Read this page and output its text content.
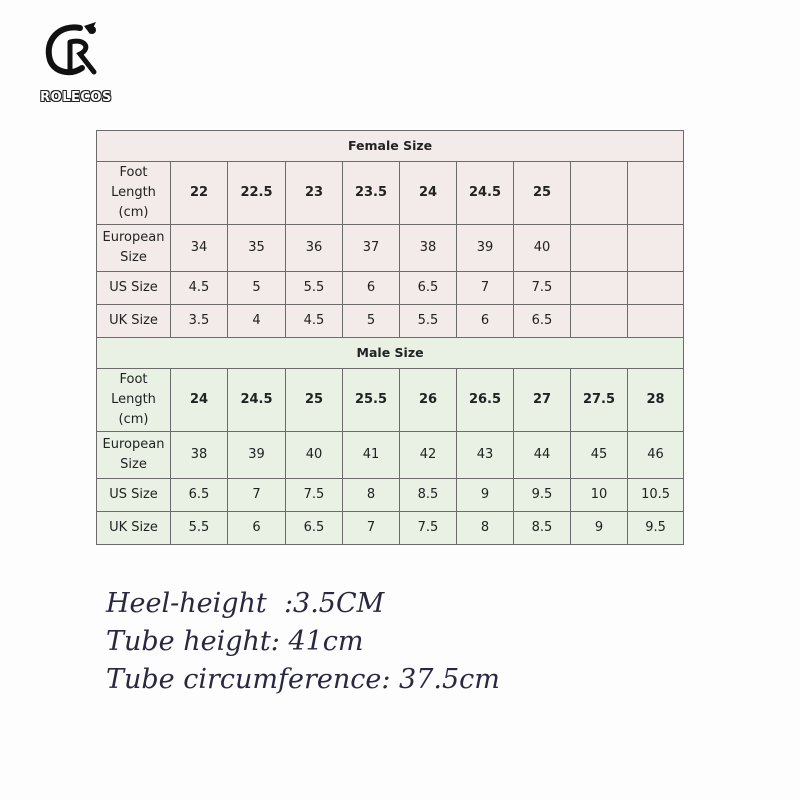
ROLECOS
Female Size									
Foot Length (cm)	22	22.5	23	23.5	24	24.5	25		
European Size	34	35	36	37	38	39	40		
US Size	4.5	5	5.5	6	6.5	7	7.5		
UK Size	3.5	4	4.5	5	5.5	6	6.5		
Male Size									
Foot Length (cm)	24	24.5	25	25.5	26	26.5	27	27.5	28
European Size	38	39	40	41	42	43	44	45	46
US Size	6.5	7	7.5	8	8.5	9	9.5	10	10.5
UK Size	5.5	6	6.5	7	7.5	8	8.5	9	9.5
Heel-height  :3.5CM
Tube height: 41cm
Tube circumference: 37.5cm
